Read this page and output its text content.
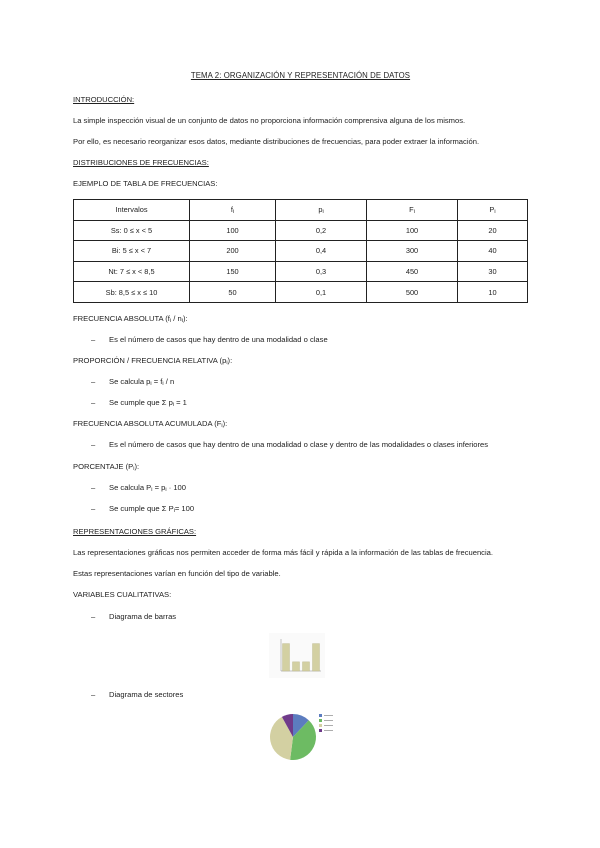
TEMA 2: ORGANIZACIÓN Y REPRESENTACIÓN DE DATOS
INTRODUCCIÓN:
La simple inspección visual de un conjunto de datos no proporciona información comprensiva alguna de los mismos.
Por ello, es necesario reorganizar esos datos, mediante distribuciones de frecuencias, para poder extraer la información.
DISTRIBUCIONES DE FRECUENCIAS:
EJEMPLO DE TABLA DE FRECUENCIAS:
Intervalos	$f_i$	$p_i$	$F_i$	$P_i$
Ss: 0 ≤ x < 5	100	0,2	100	20
Bi: 5 ≤ x < 7	200	0,4	300	40
Nt: 7 ≤ x < 8,5	150	0,3	450	30
Sb: 8,5 ≤ x ≤ 10	50	0,1	500	10
FRECUENCIA ABSOLUTA $(f_i / n_i)$:
– Es el número de casos que hay dentro de una modalidad o clase
PROPORCIÓN / FRECUENCIA RELATIVA $(p_i)$:
– Se calcula $p_i = f_i / n$
– Se cumple que Σ $p_i = 1$
FRECUENCIA ABSOLUTA ACUMULADA $(F_i)$:
– Es el número de casos que hay dentro de una modalidad o clase y dentro de las modalidades o clases inferiores
PORCENTAJE $(P_i)$:
– Se calcula $P_i = p_i \cdot 100$
– Se cumple que Σ $P_i= 100$
REPRESENTACIONES GRÁFICAS:
Las representaciones gráficas nos permiten acceder de forma más fácil y rápida a la información de las tablas de frecuencia.
Estas representaciones varían en función del tipo de variable.
VARIABLES CUALITATIVAS:
– Diagrama de barras
– Diagrama de sectores
